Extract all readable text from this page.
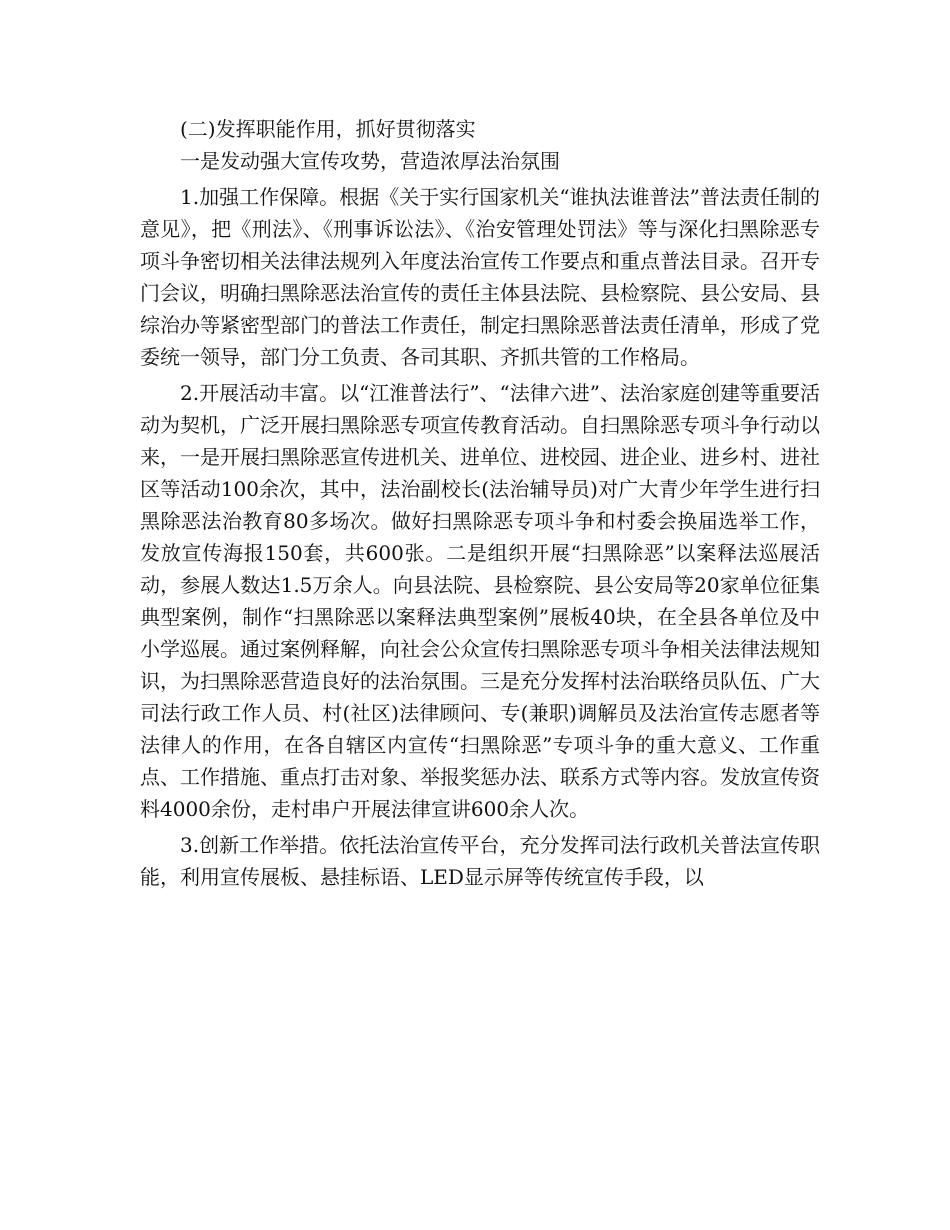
(二)发挥职能作用，抓好贯彻落实

一是发动强大宣传攻势，营造浓厚法治氛围

1.加强工作保障。根据《关于实行国家机关“谁执法谁普法”普法责任制的意见》，把《刑法》、《刑事诉讼法》、《治安管理处罚法》等与深化扫黑除恶专项斗争密切相关法律法规列入年度法治宣传工作要点和重点普法目录。召开专门会议，明确扫黑除恶法治宣传的责任主体县法院、县检察院、县公安局、县综治办等紧密型部门的普法工作责任，制定扫黑除恶普法责任清单，形成了党委统一领导，部门分工负责、各司其职、齐抓共管的工作格局。

2.开展活动丰富。以“江淮普法行”、“法律六进”、法治家庭创建等重要活动为契机，广泛开展扫黑除恶专项宣传教育活动。自扫黑除恶专项斗争行动以来，一是开展扫黑除恶宣传进机关、进单位、进校园、进企业、进乡村、进社区等活动100余次，其中，法治副校长(法治辅导员)对广大青少年学生进行扫黑除恶法治教育80多场次。做好扫黑除恶专项斗争和村委会换届选举工作，发放宣传海报150套，共600张。二是组织开展“扫黑除恶”以案释法巡展活动，参展人数达1.5万余人。向县法院、县检察院、县公安局等20家单位征集典型案例，制作“扫黑除恶以案释法典型案例”展板40块，在全县各单位及中小学巡展。通过案例释解，向社会公众宣传扫黑除恶专项斗争相关法律法规知识，为扫黑除恶营造良好的法治氛围。三是充分发挥村法治联络员队伍、广大司法行政工作人员、村(社区)法律顾问、专(兼职)调解员及法治宣传志愿者等法律人的作用，在各自辖区内宣传“扫黑除恶”专项斗争的重大意义、工作重点、工作措施、重点打击对象、举报奖惩办法、联系方式等内容。发放宣传资料4000余份，走村串户开展法律宣讲600余人次。

3.创新工作举措。依托法治宣传平台，充分发挥司法行政机关普法宣传职能，利用宣传展板、悬挂标语、LED显示屏等传统宣传手段，以
